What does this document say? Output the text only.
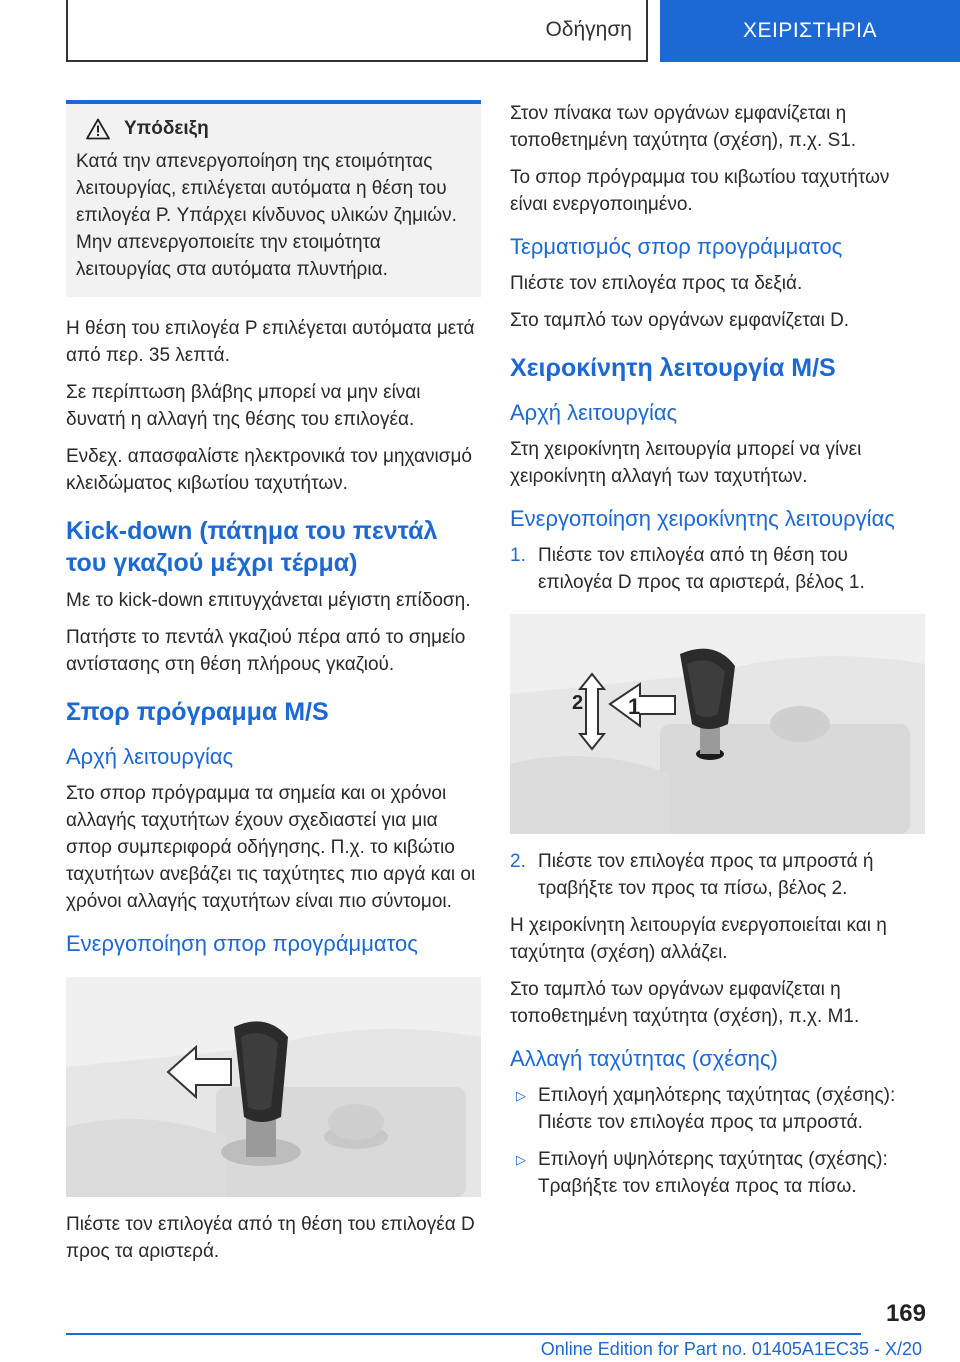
Οδήγηση	ΧΕΙΡΙΣΤΗΡΙΑ
Υπόδειξη

Κατά την απενεργοποίηση της ετοιμότητας λειτουργίας, επιλέγεται αυτόματα η θέση του επιλογέα P. Υπάρχει κίνδυνος υλικών ζημιών. Μην απενεργοποιείτε την ετοιμότητα λειτουργίας στα αυτόματα πλυντήρια.

Η θέση του επιλογέα P επιλέγεται αυτόματα μετά από περ. 35 λεπτά.

Σε περίπτωση βλάβης μπορεί να μην είναι δυνατή η αλλαγή της θέσης του επιλογέα.

Ενδεχ. απασφαλίστε ηλεκτρονικά τον μηχανισμό κλειδώματος κιβωτίου ταχυτήτων.

Kick-down (πάτημα του πεντάλ του γκαζιού μέχρι τέρμα)

Με το kick-down επιτυγχάνεται μέγιστη επίδοση.

Πατήστε το πεντάλ γκαζιού πέρα από το σημείο αντίστασης στη θέση πλήρους γκαζιού.

Σπορ πρόγραμμα M/S
Αρχή λειτουργίας

Στο σπορ πρόγραμμα τα σημεία και οι χρόνοι αλλαγής ταχυτήτων έχουν σχεδιαστεί για μια σπορ συμπεριφορά οδήγησης. Π.χ. το κιβώτιο ταχυτήτων ανεβάζει τις ταχύτητες πιο αργά και οι χρόνοι αλλαγής ταχυτήτων είναι πιο σύντομοι.

Ενεργοποίηση σπορ προγράμματος

Πιέστε τον επιλογέα από τη θέση του επιλογέα D προς τα αριστερά.

Στον πίνακα των οργάνων εμφανίζεται η τοποθετημένη ταχύτητα (σχέση), π.χ. S1.

Το σπορ πρόγραμμα του κιβωτίου ταχυτήτων είναι ενεργοποιημένο.

Τερματισμός σπορ προγράμματος

Πιέστε τον επιλογέα προς τα δεξιά.

Στο ταμπλό των οργάνων εμφανίζεται D.

Χειροκίνητη λειτουργία M/S
Αρχή λειτουργίας

Στη χειροκίνητη λειτουργία μπορεί να γίνει χειροκίνητη αλλαγή των ταχυτήτων.

Ενεργοποίηση χειροκίνητης λειτουργίας
1. Πιέστε τον επιλογέα από τη θέση του επιλογέα D προς τα αριστερά, βέλος 1.

1
2
2. Πιέστε τον επιλογέα προς τα μπροστά ή τραβήξτε τον προς τα πίσω, βέλος 2.

Η χειροκίνητη λειτουργία ενεργοποιείται και η ταχύτητα (σχέση) αλλάζει.

Στο ταμπλό των οργάνων εμφανίζεται η τοποθετημένη ταχύτητα (σχέση), π.χ. M1.

Αλλαγή ταχύτητας (σχέσης)
▷ Επιλογή χαμηλότερης ταχύτητας (σχέσης): Πιέστε τον επιλογέα προς τα μπροστά.

▷ Επιλογή υψηλότερης ταχύτητας (σχέσης): Τραβήξτε τον επιλογέα προς τα πίσω.

169
Online Edition for Part no. 01405A1EC35 - X/20
